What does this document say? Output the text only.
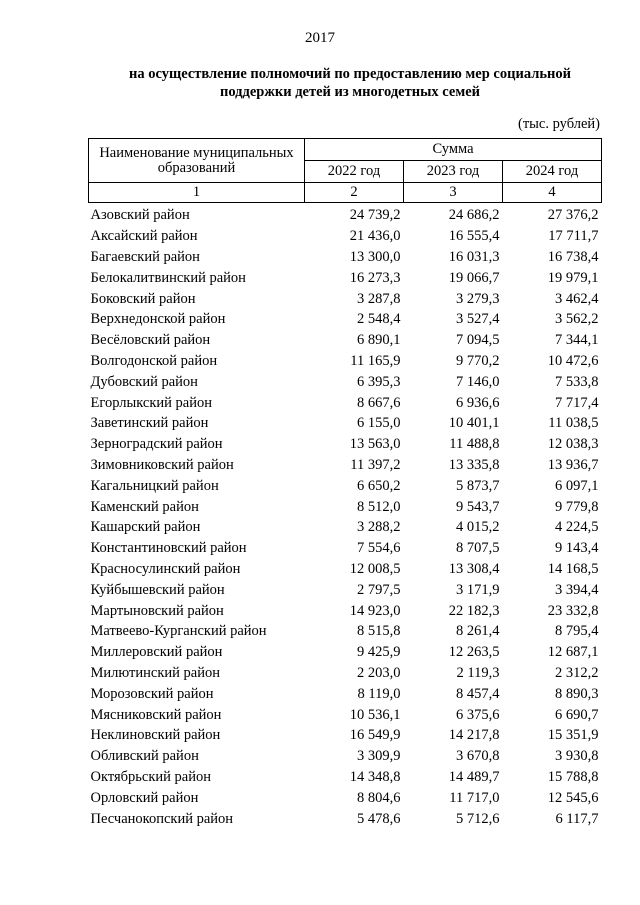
2017
на осуществление полномочий по предоставлению мер социальной
поддержки детей из многодетных семей
(тыс. рублей)
Наименование муниципальных образований	Сумма		
	2022 год	2023 год	2024 год
1	2	3	4
Азовский район	24 739,2	24 686,2	27 376,2
Аксайский район	21 436,0	16 555,4	17 711,7
Багаевский район	13 300,0	16 031,3	16 738,4
Белокалитвинский район	16 273,3	19 066,7	19 979,1
Боковский район	3 287,8	3 279,3	3 462,4
Верхнедонской район	2 548,4	3 527,4	3 562,2
Весёловский район	6 890,1	7 094,5	7 344,1
Волгодонской район	11 165,9	9 770,2	10 472,6
Дубовский район	6 395,3	7 146,0	7 533,8
Егорлыкский район	8 667,6	6 936,6	7 717,4
Заветинский район	6 155,0	10 401,1	11 038,5
Зерноградский район	13 563,0	11 488,8	12 038,3
Зимовниковский район	11 397,2	13 335,8	13 936,7
Кагальницкий район	6 650,2	5 873,7	6 097,1
Каменский район	8 512,0	9 543,7	9 779,8
Кашарский район	3 288,2	4 015,2	4 224,5
Константиновский район	7 554,6	8 707,5	9 143,4
Красносулинский район	12 008,5	13 308,4	14 168,5
Куйбышевский район	2 797,5	3 171,9	3 394,4
Мартыновский район	14 923,0	22 182,3	23 332,8
Матвеево-Курганский район	8 515,8	8 261,4	8 795,4
Миллеровский район	9 425,9	12 263,5	12 687,1
Милютинский район	2 203,0	2 119,3	2 312,2
Морозовский район	8 119,0	8 457,4	8 890,3
Мясниковский район	10 536,1	6 375,6	6 690,7
Неклиновский район	16 549,9	14 217,8	15 351,9
Обливский район	3 309,9	3 670,8	3 930,8
Октябрьский район	14 348,8	14 489,7	15 788,8
Орловский район	8 804,6	11 717,0	12 545,6
Песчанокопский район	5 478,6	5 712,6	6 117,7
